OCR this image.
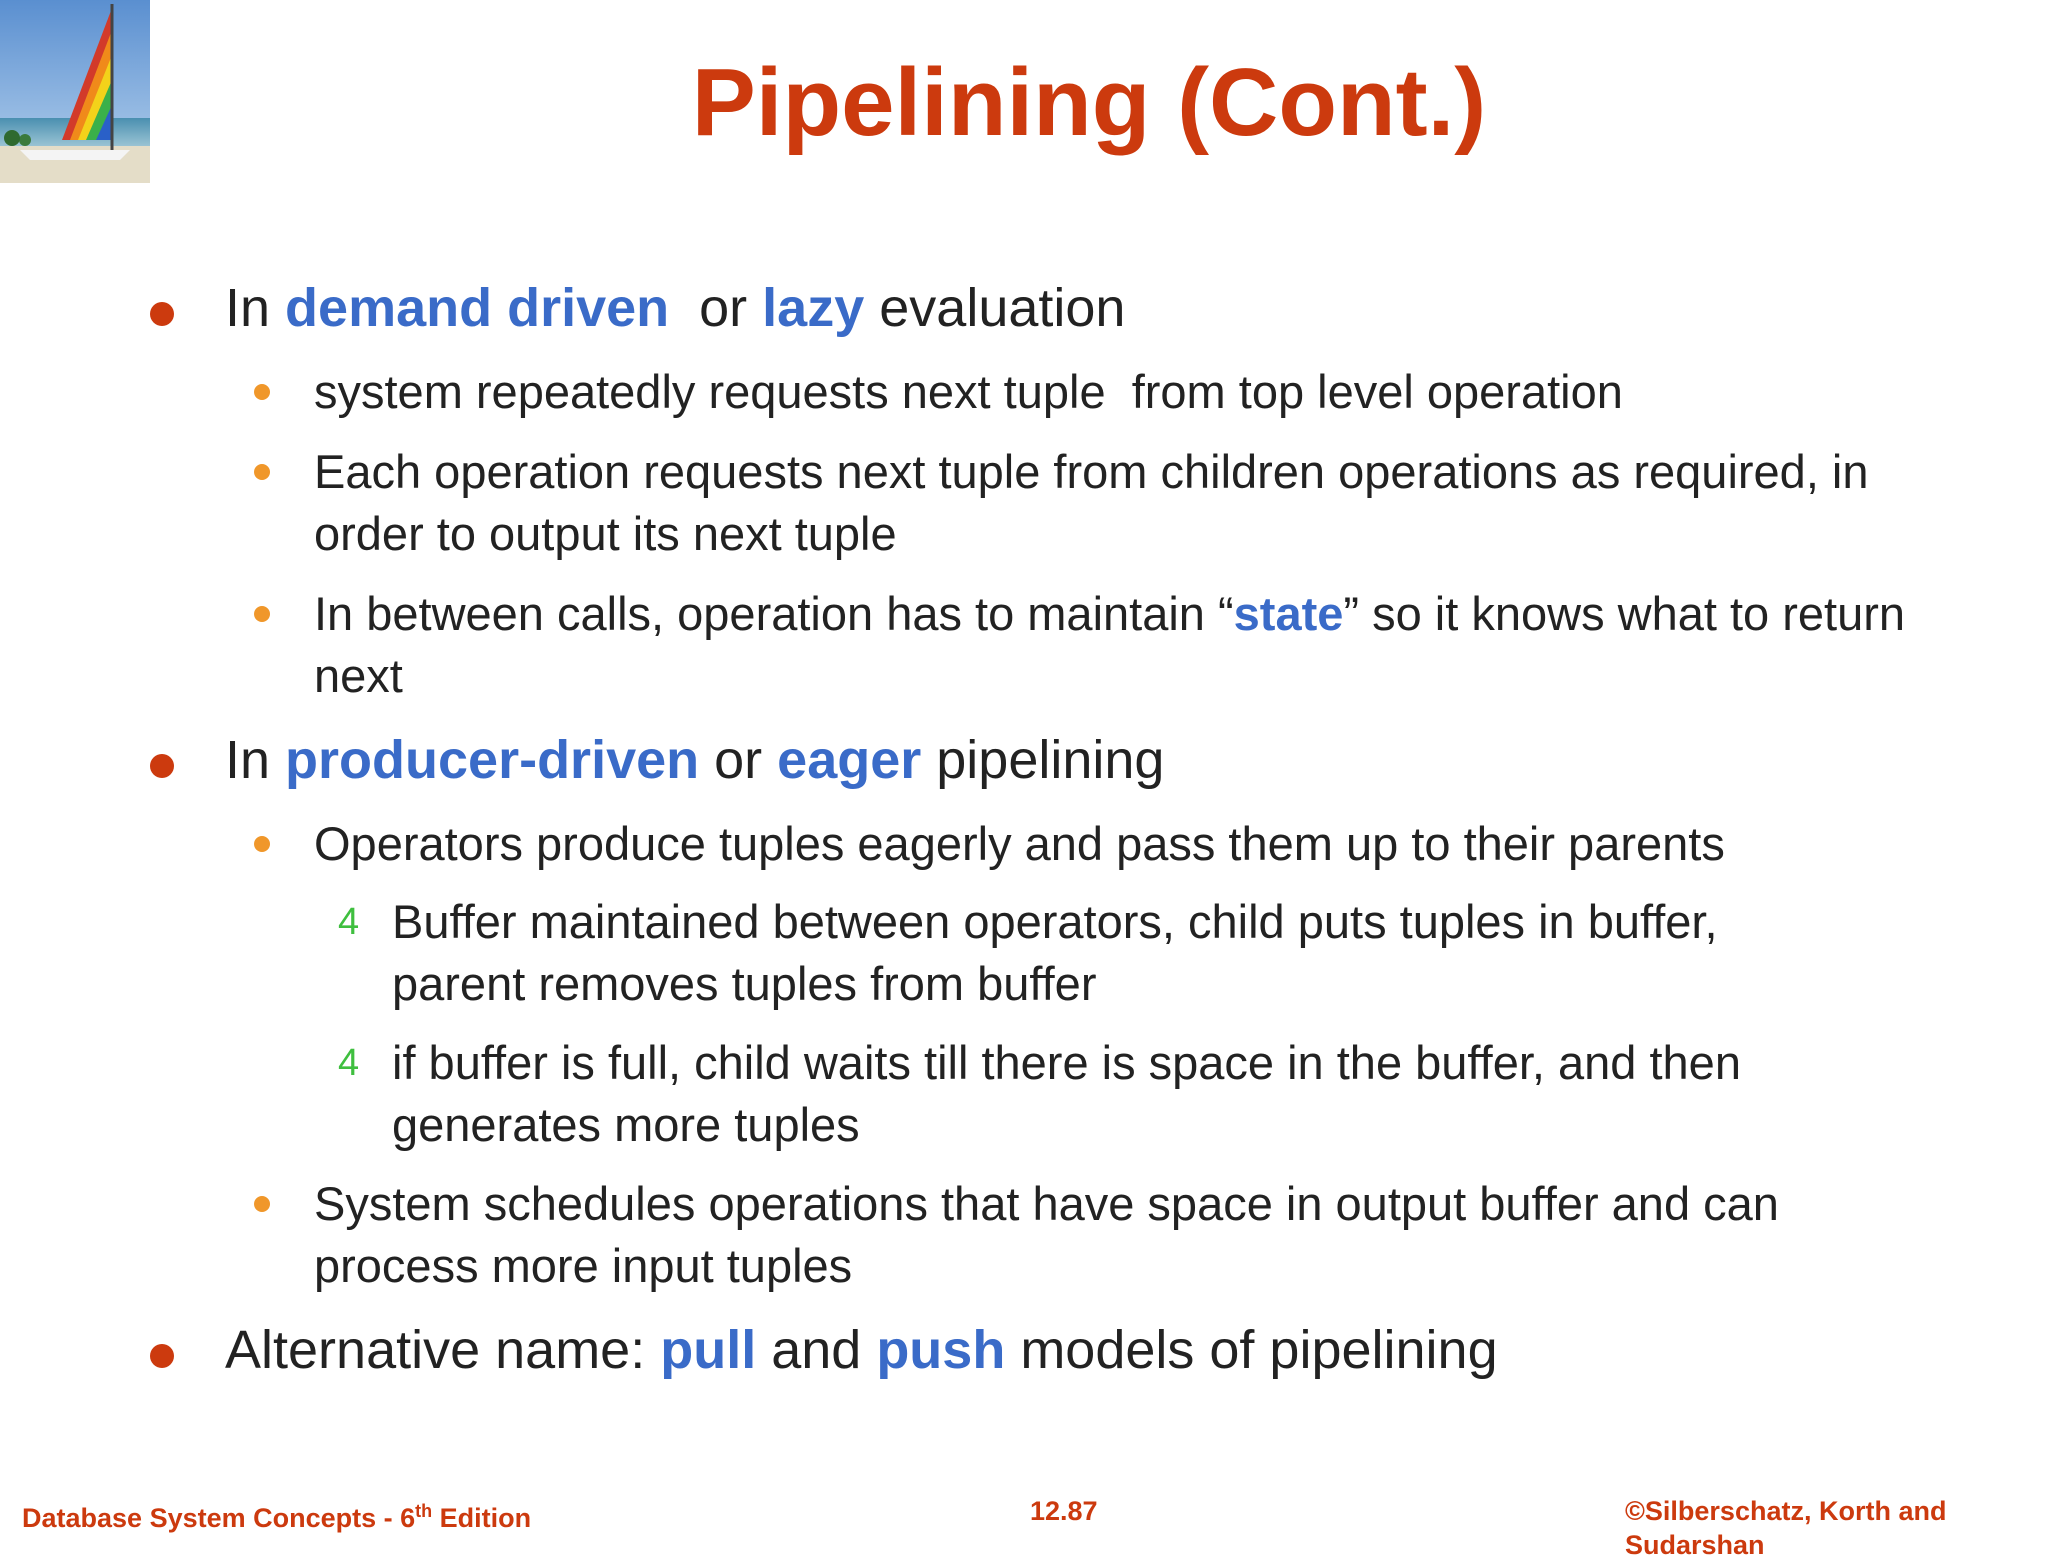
Pipelining (Cont.)
In demand driven  or lazy evaluation
system repeatedly requests next tuple  from top level operation
Each operation requests next tuple from children operations as required, in order to output its next tuple
In between calls, operation has to maintain “state” so it knows what to return next
In producer-driven or eager pipelining
Operators produce tuples eagerly and pass them up to their parents
4 Buffer maintained between operators, child puts tuples in buffer, parent removes tuples from buffer
4 if buffer is full, child waits till there is space in the buffer, and then generates more tuples
System schedules operations that have space in output buffer and can process more input tuples
Alternative name: pull and push models of pipelining
Database System Concepts - 6th Edition	12.87	©Silberschatz, Korth and Sudarshan
